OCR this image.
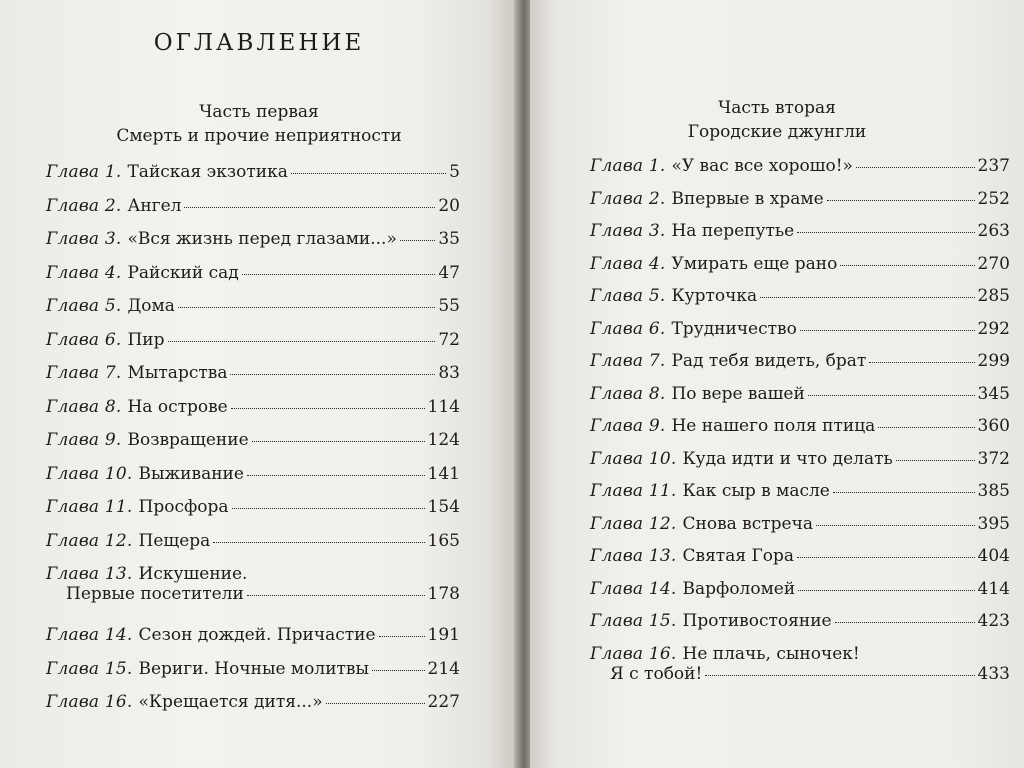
ОГЛАВЛЕНИЕ
Часть первая
Смерть и прочие неприятности
Глава 1. Тайская экзотика	5
Глава 2. Ангел	20
Глава 3. «Вся жизнь перед глазами...» 35
Глава 4. Райский сад	47
Глава 5. Дома	55
Глава 6. Пир	72
Глава 7. Мытарства	83
Глава 8. На острове	114
Глава 9. Возвращение	124
Глава 10. Выживание	141
Глава 11. Просфора	154
Глава 12. Пещера	165
Глава 13. Искушение.
Первые посетители	178
Глава 14. Сезон дождей. Причастие	191
Глава 15. Вериги. Ночные молитвы	214
Глава 16. «Крещается дитя...»	227
Часть вторая
Городские джунгли
Глава 1. «У вас все хорошо!»	237
Глава 2. Впервые в храме	252
Глава 3. На перепутье	263
Глава 4. Умирать еще рано	270
Глава 5. Курточка	285
Глава 6. Трудничество	292
Глава 7. Рад тебя видеть, брат	299
Глава 8. По вере вашей	345
Глава 9. Не нашего поля птица	360
Глава 10. Куда идти и что делать	372
Глава 11. Как сыр в масле	385
Глава 12. Снова встреча	395
Глава 13. Святая Гора	404
Глава 14. Варфоломей	414
Глава 15. Противостояние	423
Глава 16. Не плачь, сыночек!
Я с тобой!	433
